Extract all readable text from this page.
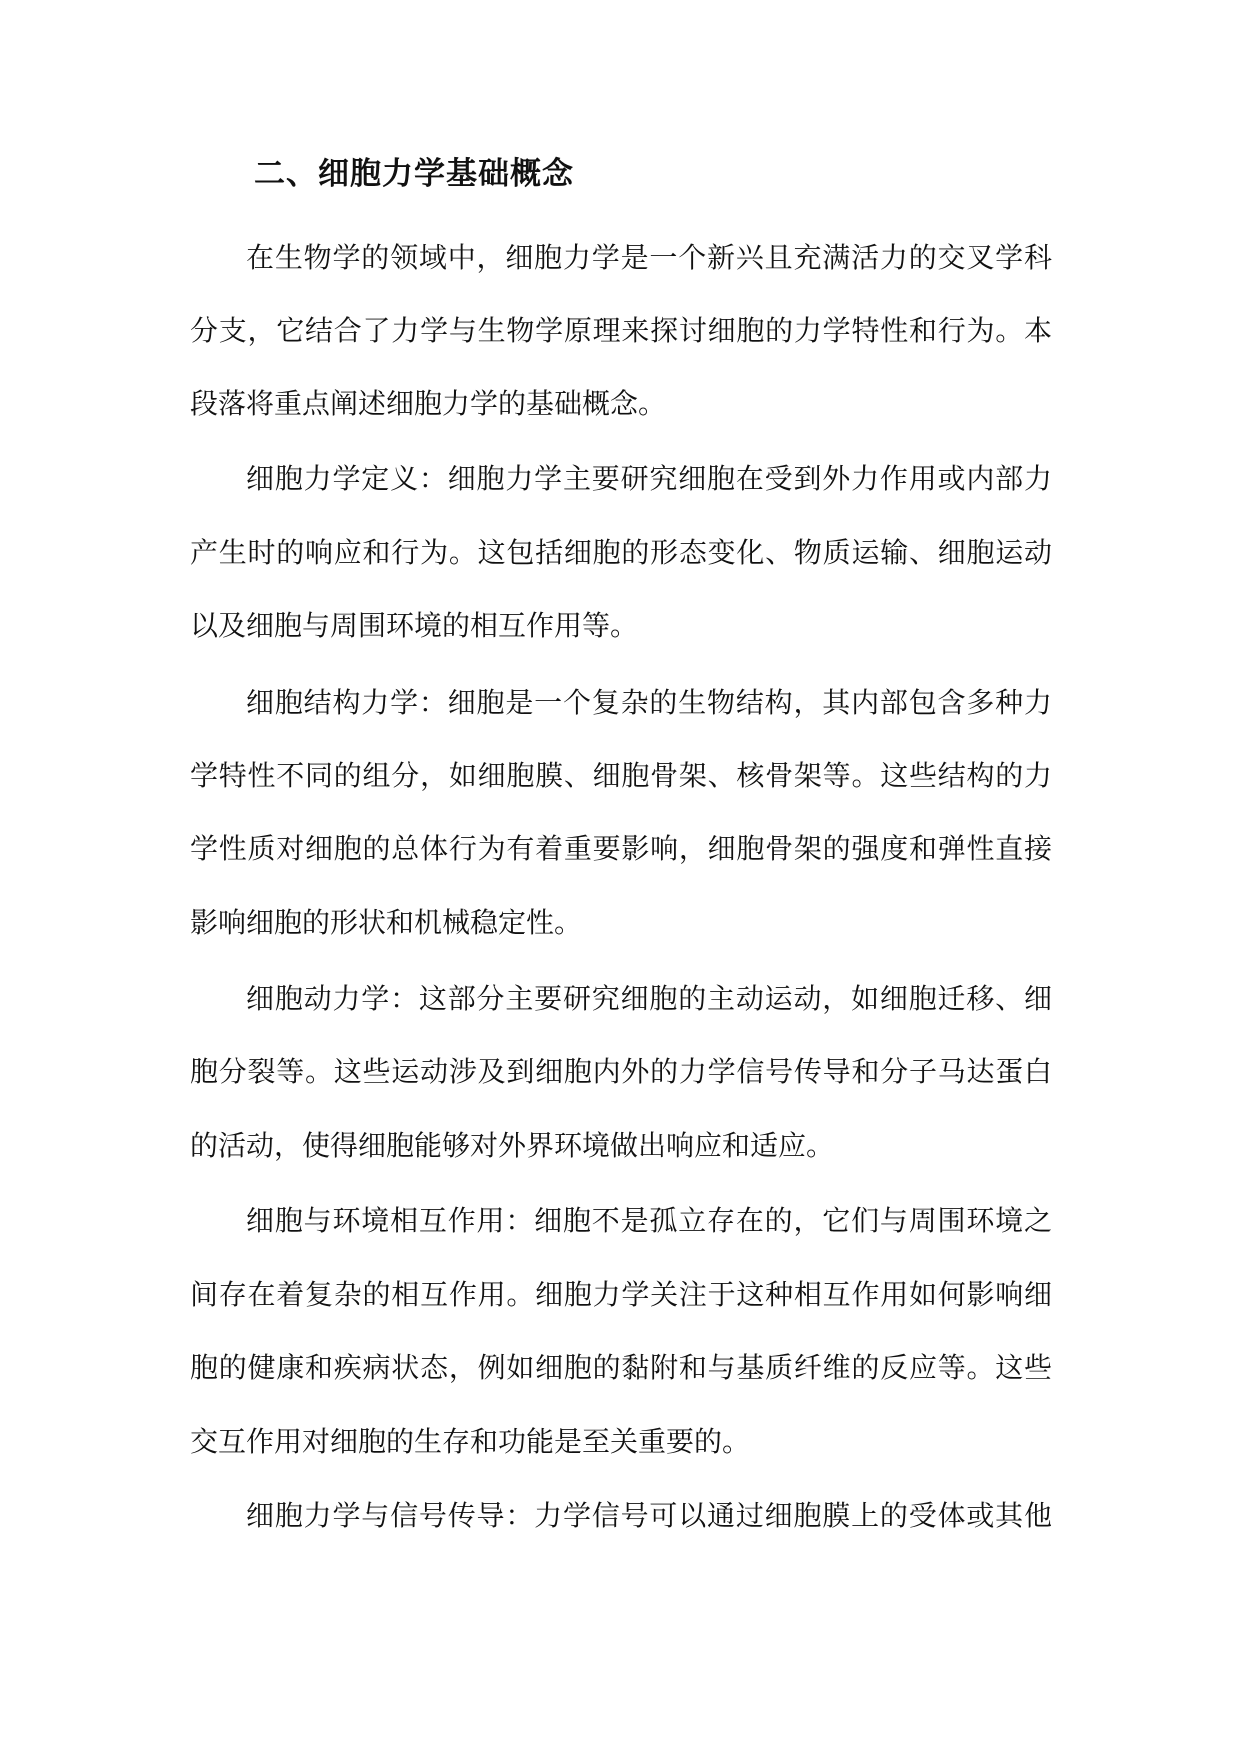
二、细胞力学基础概念
在生物学的领域中，细胞力学是一个新兴且充满活力的交叉学科
分支，它结合了力学与生物学原理来探讨细胞的力学特性和行为。本
段落将重点阐述细胞力学的基础概念。
细胞力学定义：细胞力学主要研究细胞在受到外力作用或内部力
产生时的响应和行为。这包括细胞的形态变化、物质运输、细胞运动
以及细胞与周围环境的相互作用等。
细胞结构力学：细胞是一个复杂的生物结构，其内部包含多种力
学特性不同的组分，如细胞膜、细胞骨架、核骨架等。这些结构的力
学性质对细胞的总体行为有着重要影响，细胞骨架的强度和弹性直接
影响细胞的形状和机械稳定性。
细胞动力学：这部分主要研究细胞的主动运动，如细胞迁移、细
胞分裂等。这些运动涉及到细胞内外的力学信号传导和分子马达蛋白
的活动，使得细胞能够对外界环境做出响应和适应。
细胞与环境相互作用：细胞不是孤立存在的，它们与周围环境之
间存在着复杂的相互作用。细胞力学关注于这种相互作用如何影响细
胞的健康和疾病状态，例如细胞的黏附和与基质纤维的反应等。这些
交互作用对细胞的生存和功能是至关重要的。
细胞力学与信号传导：力学信号可以通过细胞膜上的受体或其他
